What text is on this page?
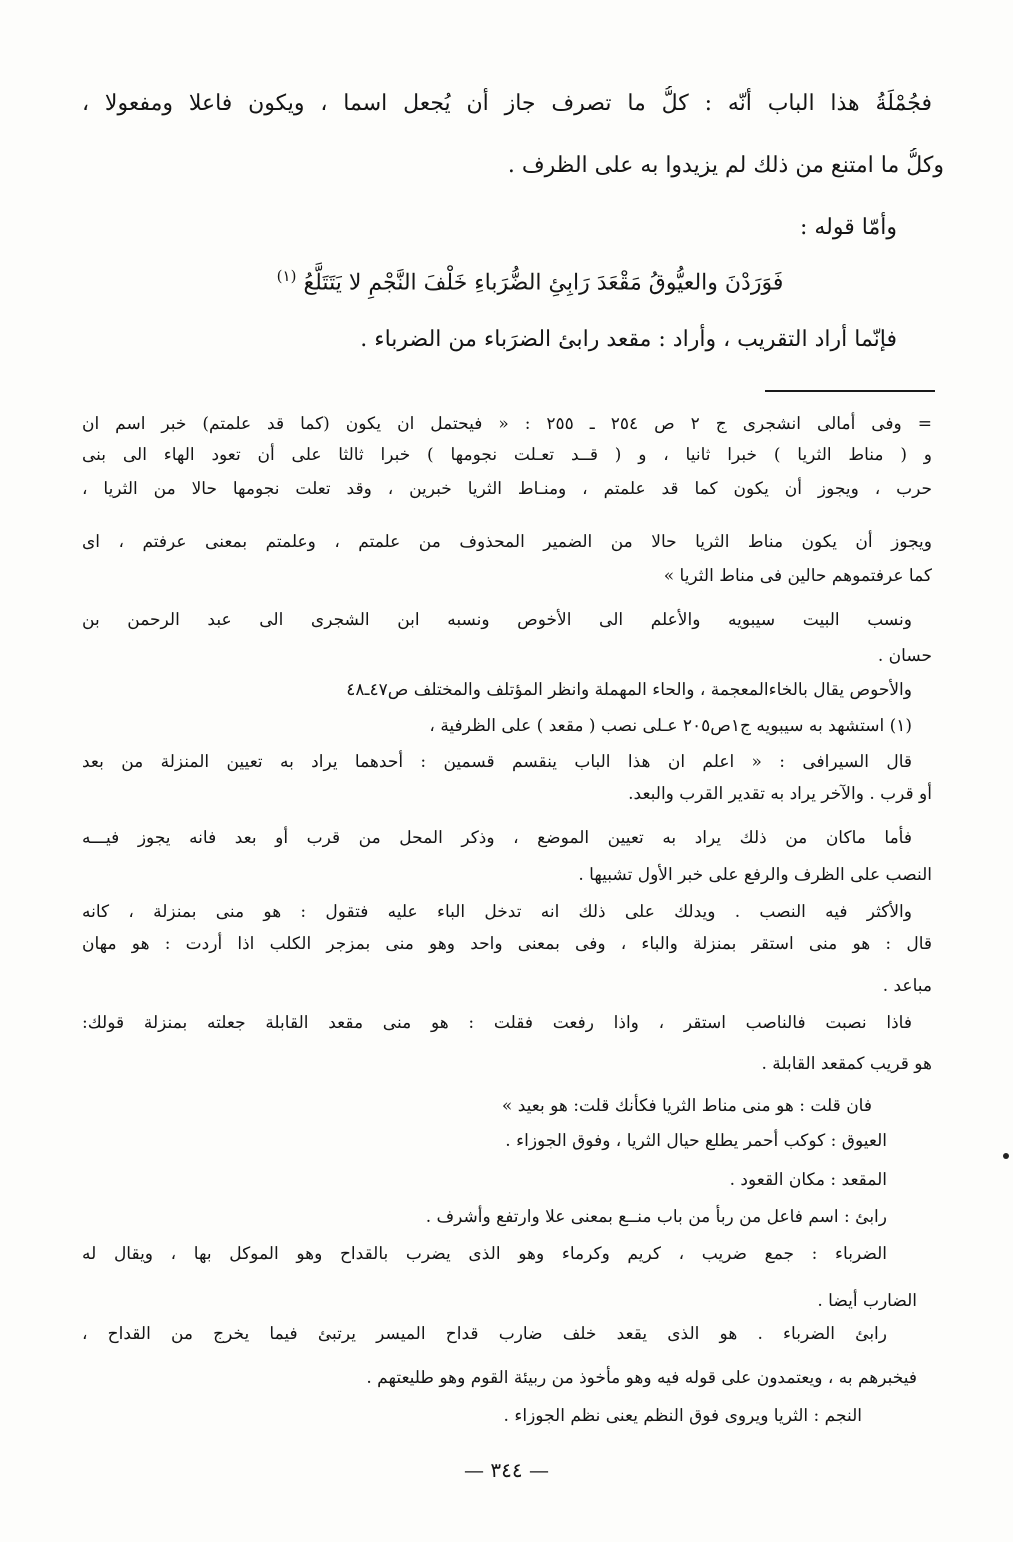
فجُمْلَةُ هذا الباب أنّه : كلُّ ما تصرف جاز أن يُجعل اسما ، ويكون فاعلا ومفعولا ،
وكلُّ ما امتنع من ذلك لم يزيدوا به على الظرف .
وأمّا قوله :
فَوَرَدْنَ والعيُّوقُ مَقْعَدَ رَابِئِ الضُّرَباءِ خَلْفَ النَّجْمِ لا يَتَتَلَّعُ $^{(١)}$
فإنّما أراد التقريب ، وأراد : مقعد رابئ الضرَباء من الضرباء .
= وفى أمالى انشجرى ج ٢ ص ٢٥٤ ـ ٢٥٥ : « فيحتمل ان يكون (كما قد علمتم) خبر اسم ان
و ( مناط الثريا ) خبرا ثانيا ، و ( قــد تعـلت نجومها ) خبرا ثالثا على أن تعود الهاء الى بنى
حرب ، ويجوز أن يكون كما قد علمتم ، ومنـاط الثريا خبرين ، وقد تعلت نجومها حالا من الثريا ،
ويجوز أن يكون مناط الثريا حالا من الضمير المحذوف من علمتم ، وعلمتم بمعنى عرفتم ، اى
كما عرفتموهم حالين فى مناط الثريا »
ونسب البيت سيبويه والأعلم الى الأخوص ونسبه ابن الشجرى الى عبد الرحمن بن
حسان .
والأحوص يقال بالخاءالمعجمة ، والحاء المهملة وانظر المؤتلف والمختلف ص٤٧ـ٤٨
(١) استشهد به سيبويه ج١ص٢٠٥ عـلى نصب ( مقعد ) على الظرفية ،
قال السيرافى : « اعلم ان هذا الباب ينقسم قسمين : أحدهما يراد به تعيين المنزلة من بعد
أو قرب . والآخر يراد به تقدير القرب والبعد.
فأما ماكان من ذلك يراد به تعيين الموضع ، وذكر المحل من قرب أو بعد فانه يجوز فيـــه
النصب على الظرف والرفع على خبر الأول تشبيها .
والأكثر فيه النصب . ويدلك على ذلك انه تدخل الباء عليه فتقول : هو منى بمنزلة ، كانه
قال : هو منى استقر بمنزلة والباء ، وفى بمعنى واحد وهو منى بمزجر الكلب اذا أردت : هو مهان
مباعد .
فاذا نصبت فالناصب استقر ، واذا رفعت فقلت : هو منى مقعد القابلة جعلته بمنزلة قولك:
هو قريب كمقعد القابلة .
فان قلت : هو منى مناط الثريا فكأنك قلت: هو بعيد »
العيوق : كوكب أحمر يطلع حيال الثريا ، وفوق الجوزاء .
المقعد : مكان القعود .
رابئ : اسم فاعل من ربأ من باب منــع بمعنى علا وارتفع وأشرف .
الضرباء : جمع ضريب ، كريم وكرماء وهو الذى يضرب بالقداح وهو الموكل بها ، ويقال له
الضارب أيضا .
رابئ الضرباء . هو الذى يقعد خلف ضارب قداح الميسر يرتبئ فيما يخرج من القداح ،
فيخبرهم به ، ويعتمدون على قوله فيه وهو مأخوذ من ربيئة القوم وهو طليعتهم .
النجم : الثريا ويروى فوق النظم يعنى نظم الجوزاء .
— ٣٤٤ —
